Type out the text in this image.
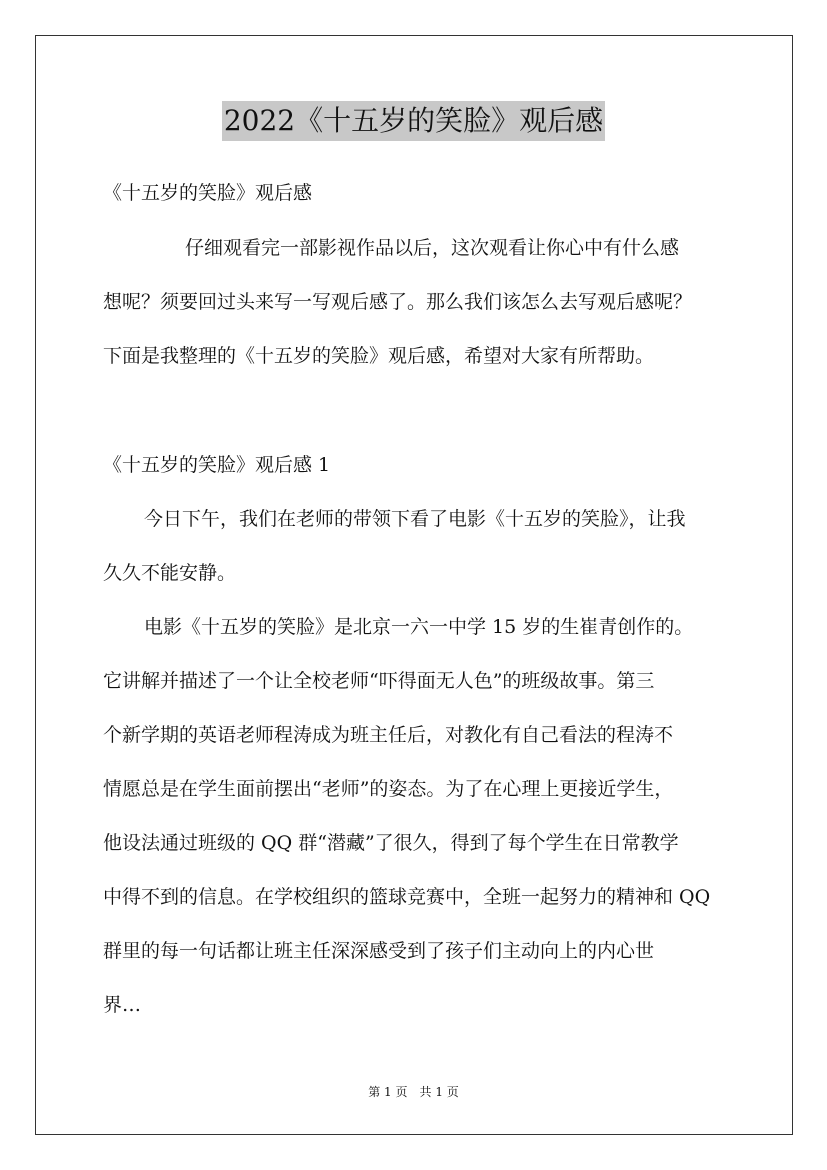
2022《十五岁的笑脸》观后感
《十五岁的笑脸》观后感
仔细观看完一部影视作品以后，这次观看让你心中有什么感
想呢？须要回过头来写一写观后感了。那么我们该怎么去写观后感呢？
下面是我整理的《十五岁的笑脸》观后感，希望对大家有所帮助。
《十五岁的笑脸》观后感 1
今日下午，我们在老师的带领下看了电影《十五岁的笑脸》，让我
久久不能安静。
电影《十五岁的笑脸》是北京一六一中学 15 岁的生崔青创作的。
它讲解并描述了一个让全校老师“吓得面无人色”的班级故事。第三
个新学期的英语老师程涛成为班主任后，对教化有自己看法的程涛不
情愿总是在学生面前摆出“老师”的姿态。为了在心理上更接近学生，
他设法通过班级的 QQ 群“潜藏”了很久，得到了每个学生在日常教学
中得不到的信息。在学校组织的篮球竞赛中，全班一起努力的精神和 QQ
群里的每一句话都让班主任深深感受到了孩子们主动向上的内心世
界…
第 1 页　共 1 页
